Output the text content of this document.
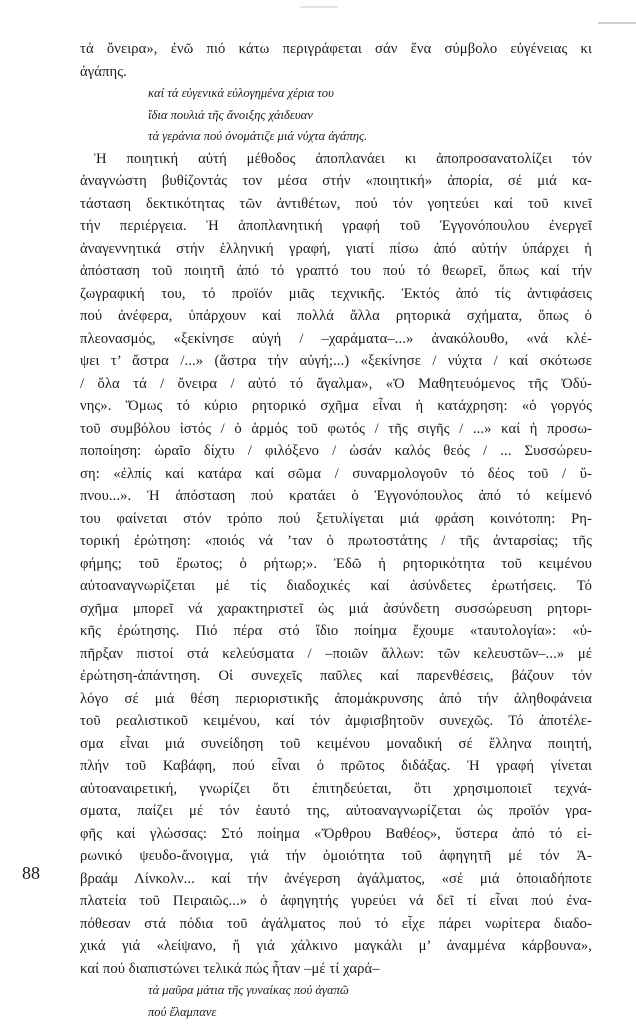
τά ὄνειρα», ἐνῶ πιό κάτω περιγράφεται σάν ἕνα σύμβολο εὐγένειας κι
ἀγάπης.
καί τά εὐγενικά εὐλογημένα χέρια του
ἴδια πουλιά τῆς ἄνοιξης χάιδευαν
τά γεράνια πού ὀνομάτιζε μιά νύχτα ἀγάπης.
Ἡ ποιητική αὐτή μέθοδος ἀποπλανάει κι ἀποπροσανατολίζει τόν
ἀναγνώστη βυθίζοντάς τον μέσα στήν «ποιητική» ἀπορία, σέ μιά κα-
τάσταση δεκτικότητας τῶν ἀντιθέτων, πού τόν γοητεύει καί τοῦ κινεῖ
τήν περιέργεια. Ἡ ἀποπλανητική γραφή τοῦ Ἐγγονόπουλου ἐνεργεῖ
ἀναγεννητικά στήν ἑλληνική γραφή, γιατί πίσω ἀπό αὐτήν ὑπάρχει ἡ
ἀπόσταση τοῦ ποιητῆ ἀπό τό γραπτό του πού τό θεωρεῖ, ὅπως καί τήν
ζωγραφική του, τό προϊόν μιᾶς τεχνικῆς. Ἐκτός ἀπό τίς ἀντιφάσεις
πού ἀνέφερα, ὑπάρχουν καί πολλά ἄλλα ρητορικά σχήματα, ὅπως ὁ
πλεονασμός, «ξεκίνησε αὐγή / –χαράματα–...» ἀνακόλουθο, «νά κλέ-
ψει τ’ ἄστρα /...» (ἄστρα τήν αὐγή;...) «ξεκίνησε / νύχτα / καί σκότωσε
/ ὅλα τά / ὄνειρα / αὐτό τό ἄγαλμα», «Ὁ Μαθητευόμενος τῆς Ὀδύ-
νης». Ὅμως τό κύριο ρητορικό σχῆμα εἶναι ἡ κατάχρηση: «ὁ γοργός
τοῦ συμβόλου ἱστός / ὁ ἁρμός τοῦ φωτός / τῆς σιγῆς / ...» καί ἡ προσω-
ποποίηση: ὡραῖο δίχτυ / φιλόξενο / ὡσάν καλός θεός / ... Συσσώρευ-
ση: «ἐλπίς καί κατάρα καί σῶμα / συναρμολογοῦν τό δέος τοῦ / ὕ-
πνου...». Ἡ ἀπόσταση πού κρατάει ὁ Ἐγγονόπουλος ἀπό τό κείμενό
του φαίνεται στόν τρόπο πού ξετυλίγεται μιά φράση κοινότοπη: Ρη-
τορική ἐρώτηση: «ποιός νά ’ταν ὁ πρωτοστάτης / τῆς ἀνταρσίας; τῆς
φήμης; τοῦ ἔρωτος; ὁ ρήτωρ;». Ἐδῶ ἡ ρητορικότητα τοῦ κειμένου
αὐτοαναγνωρίζεται μέ τίς διαδοχικές καί ἀσύνδετες ἐρωτήσεις. Τό
σχῆμα μπορεῖ νά χαρακτηριστεῖ ὡς μιά ἀσύνδετη συσσώρευση ρητορι-
κῆς ἐρώτησης. Πιό πέρα στό ἴδιο ποίημα ἔχουμε «ταυτολογία»: «ὑ-
πῆρξαν πιστοί στά κελεύσματα / –ποιῶν ἄλλων: τῶν κελευστῶν–...» μέ
ἐρώτηση-ἀπάντηση. Οἱ συνεχεῖς παῦλες καί παρενθέσεις, βάζουν τόν
λόγο σέ μιά θέση περιοριστικῆς ἀπομάκρυνσης ἀπό τήν ἀληθοφάνεια
τοῦ ρεαλιστικοῦ κειμένου, καί τόν ἀμφισβητοῦν συνεχῶς. Τό ἀποτέλε-
σμα εἶναι μιά συνείδηση τοῦ κειμένου μοναδική σέ ἕλληνα ποιητή,
πλήν τοῦ Καβάφη, πού εἶναι ὁ πρῶτος διδάξας. Ἡ γραφή γίνεται
αὐτοαναιρετική, γνωρίζει ὅτι ἐπιτηδεύεται, ὅτι χρησιμοποιεῖ τεχνά-
σματα, παίζει μέ τόν ἑαυτό της, αὐτοαναγνωρίζεται ὡς προϊόν γρα-
φῆς καί γλώσσας: Στό ποίημα «Ὄρθρου Βαθέος», ὕστερα ἀπό τό εἰ-
ρωνικό ψευδο-ἄνοιγμα, γιά τήν ὁμοιότητα τοῦ ἀφηγητῆ μέ τόν Ἀ-
βραάμ Λίνκολν... καί τήν ἀνέγερση ἀγάλματος, «σέ μιά ὁποιαδήποτε
πλατεία τοῦ Πειραιῶς...» ὁ ἀφηγητής γυρεύει νά δεῖ τί εἶναι πού ἐνα-
πόθεσαν στά πόδια τοῦ ἀγάλματος πού τό εἶχε πάρει νωρίτερα διαδο-
χικά γιά «λείψανο, ἤ γιά χάλκινο μαγκάλι μ’ ἀναμμένα κάρβουνα»,
καί πού διαπιστώνει τελικά πώς ἦταν –μέ τί χαρά–
τά μαῦρα μάτια τῆς γυναίκας πού ἀγαπῶ
πού ἔλαμπανε
88
